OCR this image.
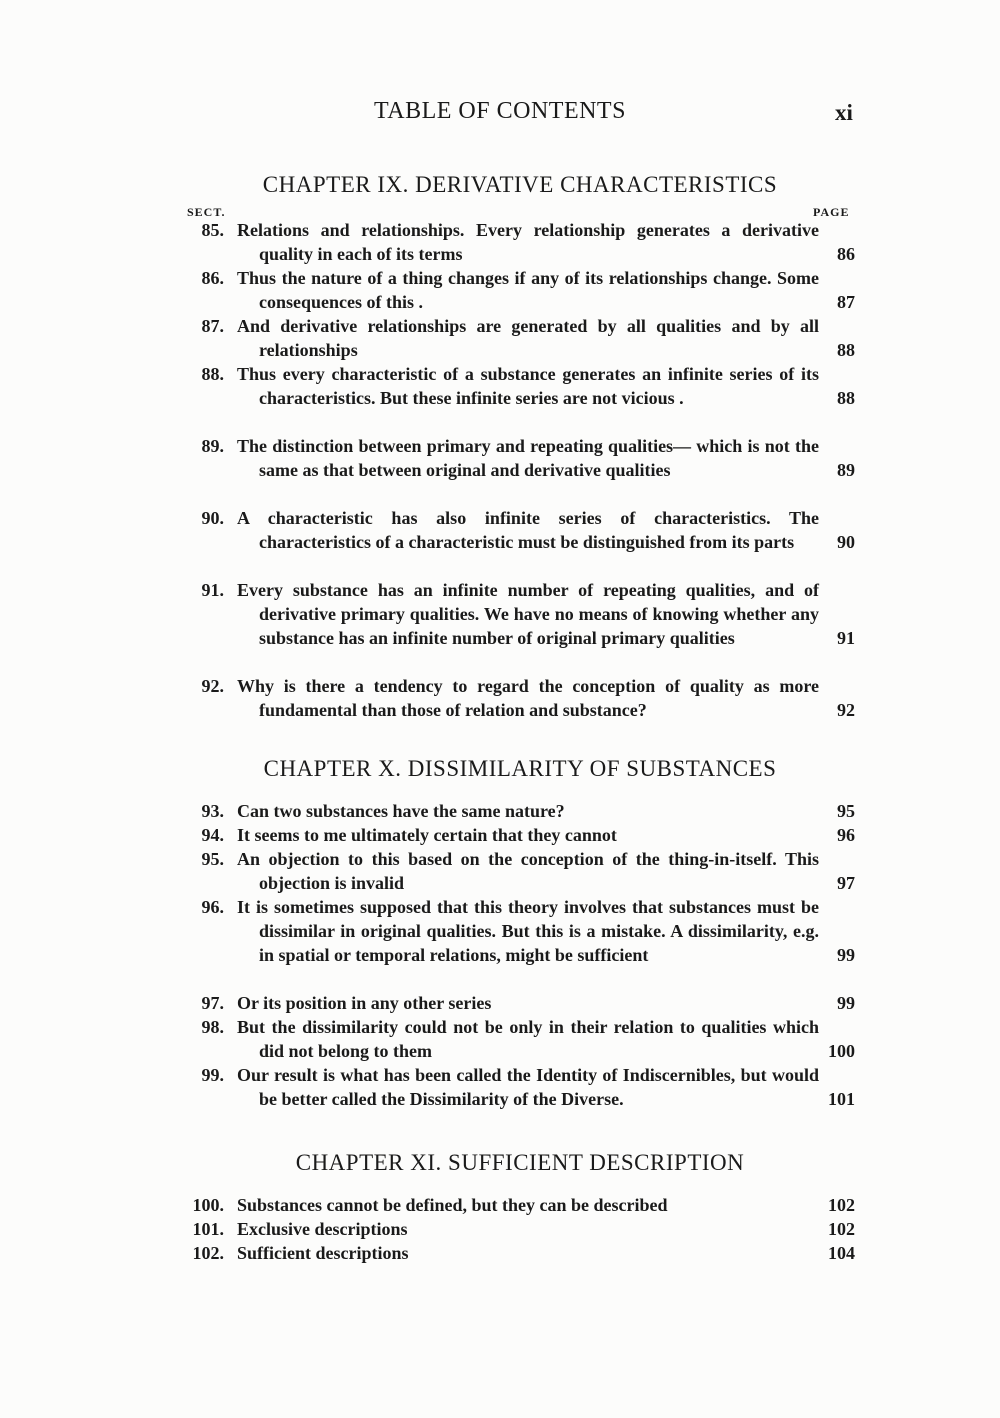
TABLE OF CONTENTS	xi
CHAPTER IX. DERIVATIVE CHARACTERISTICS
SECT.	PAGE
85. Relations and relationships. Every relationship generates a derivative quality in each of its terms	86
86. Thus the nature of a thing changes if any of its relationships change. Some consequences of this .	87
87. And derivative relationships are generated by all qualities and by all relationships	88
88. Thus every characteristic of a substance generates an infinite series of its characteristics. But these infinite series are not vicious .	88
89. The distinction between primary and repeating qualities— which is not the same as that between original and derivative qualities	89
90. A characteristic has also infinite series of characteristics. The characteristics of a characteristic must be distinguished from its parts	90
91. Every substance has an infinite number of repeating qualities, and of derivative primary qualities. We have no means of knowing whether any substance has an infinite number of original primary qualities	91
92. Why is there a tendency to regard the conception of quality as more fundamental than those of relation and substance?	92
CHAPTER X. DISSIMILARITY OF SUBSTANCES
93. Can two substances have the same nature?	95
94. It seems to me ultimately certain that they cannot	96
95. An objection to this based on the conception of the thing-in-itself. This objection is invalid	97
96. It is sometimes supposed that this theory involves that substances must be dissimilar in original qualities. But this is a mistake. A dissimilarity, e.g. in spatial or temporal relations, might be sufficient	99
97. Or its position in any other series	99
98. But the dissimilarity could not be only in their relation to qualities which did not belong to them	100
99. Our result is what has been called the Identity of Indiscernibles, but would be better called the Dissimilarity of the Diverse.	101
CHAPTER XI. SUFFICIENT DESCRIPTION
100. Substances cannot be defined, but they can be described	102
101. Exclusive descriptions	102
102. Sufficient descriptions	104
